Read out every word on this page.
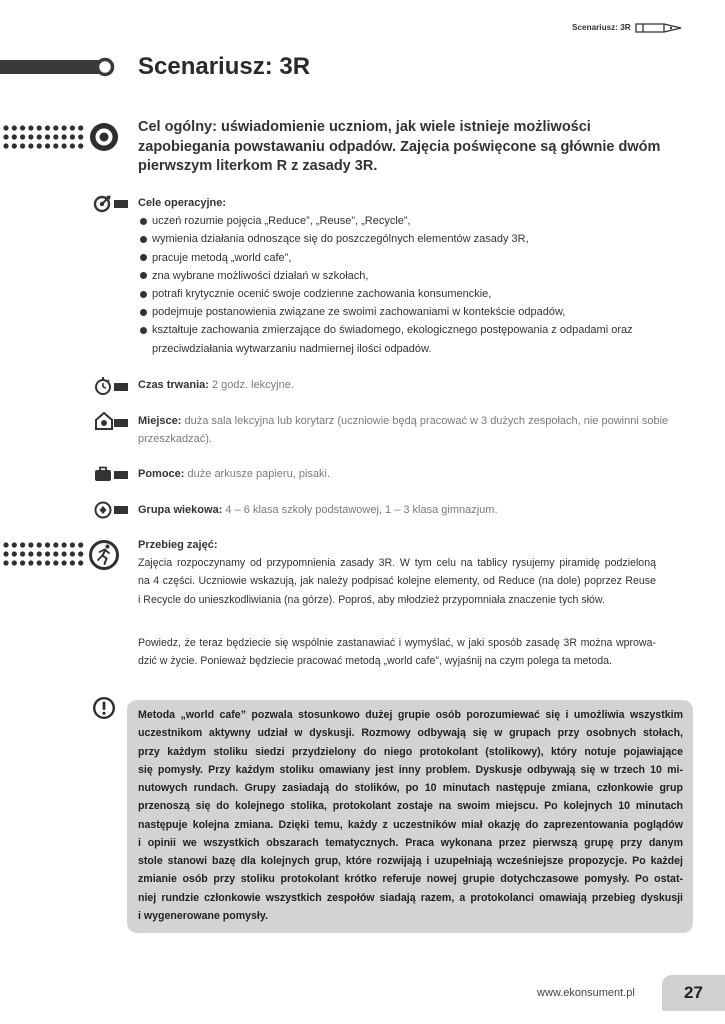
Scenariusz: 3R
Scenariusz: 3R
Cel ogólny: uświadomienie uczniom, jak wiele istnieje możliwości
zapobiegania powstawaniu odpadów. Zajęcia poświęcone są głównie dwóm
pierwszym literkom R z zasady 3R.
Cele operacyjne:
uczeń rozumie pojęcia „Reduce”, „Reuse”, „Recycle”,
wymienia działania odnoszące się do poszczególnych elementów zasady 3R,
pracuje metodą „world cafe”,
zna wybrane możliwości działań w szkołach,
potrafi krytycznie ocenić swoje codzienne zachowania konsumenckie,
podejmuje postanowienia związane ze swoimi zachowaniami w kontekście odpadów,
kształtuje zachowania zmierzające do świadomego, ekologicznego postępowania z odpadami oraz
przeciwdziałania wytwarzaniu nadmiernej ilości odpadów.
Czas trwania: 2 godz. lekcyjne.
Miejsce: duża sala lekcyjna lub korytarz (uczniowie będą pracować w 3 dużych zespołach, nie powinni sobie
przeszkadzać).
Pomoce: duże arkusze papieru, pisaki.
Grupa wiekowa: 4 – 6 klasa szkoły podstawowej, 1 – 3 klasa gimnazjum.
Przebieg zajęć:
Zajęcia rozpoczynamy od przypomnienia zasady 3R. W tym celu na tablicy rysujemy piramidę podzieloną
na 4 części. Uczniowie wskazują, jak należy podpisać kolejne elementy, od Reduce (na dole) poprzez Reuse
i Recycle do unieszkodliwiania (na górze). Poproś, aby młodzież przypomniała znaczenie tych słów.
Powiedz, że teraz będziecie się wspólnie zastanawiać i wymyślać, w jaki sposób zasadę 3R można wprowa-
dzić w życie. Ponieważ będziecie pracować metodą „world cafe”, wyjaśnij na czym polega ta metoda.
Metoda „world cafe” pozwala stosunkowo dużej grupie osób porozumiewać się i umożliwia wszystkim
uczestnikom aktywny udział w dyskusji. Rozmowy odbywają się w grupach przy osobnych stołach,
przy każdym stoliku siedzi przydzielony do niego protokolant (stolikowy), który notuje pojawiające
się pomysły. Przy każdym stoliku omawiany jest inny problem. Dyskusje odbywają się w trzech 10 mi-
nutowych rundach. Grupy zasiadają do stolików, po 10 minutach następuje zmiana, członkowie grup
przenoszą się do kolejnego stolika, protokolant zostaje na swoim miejscu. Po kolejnych 10 minutach
następuje kolejna zmiana. Dzięki temu, każdy z uczestników miał okazję do zaprezentowania poglądów
i opinii we wszystkich obszarach tematycznych. Praca wykonana przez pierwszą grupę przy danym
stole stanowi bazę dla kolejnych grup, które rozwijają i uzupełniają wcześniejsze propozycje. Po każdej
zmianie osób przy stoliku protokolant krótko referuje nowej grupie dotychczasowe pomysły. Po ostat-
niej rundzie członkowie wszystkich zespołów siadają razem, a protokolanci omawiają przebieg dyskusji
i wygenerowane pomysły.
www.ekonsument.pl	27
